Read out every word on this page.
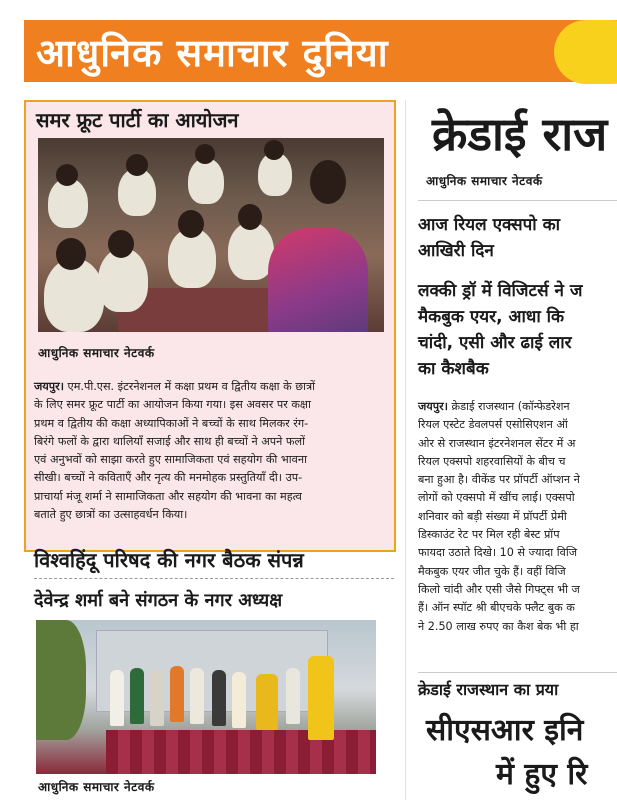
आधुनिक समाचार दुनिया
समर फ्रूट पार्टी का आयोजन
आधुनिक समाचार नेटवर्क
जयपुर। एम.पी.एस. इंटरनेशनल में कक्षा प्रथम व द्वितीय कक्षा के छात्रों
के लिए समर फ्रूट पार्टी का आयोजन किया गया। इस अवसर पर कक्षा
प्रथम व द्वितीय की कक्षा अध्यापिकाओं ने बच्चों के साथ मिलकर रंग-
बिरंगे फलों के द्वारा थालियाँ सजाई और साथ ही बच्चों ने अपने फलों
एवं अनुभवों को साझा करते हुए सामाजिकता एवं सहयोग की भावना
सीखी। बच्चों ने कविताएँ और नृत्य की मनमोहक प्रस्तुतियाँ दी। उप-
प्राचार्या मंजू शर्मा ने सामाजिकता और सहयोग की भावना का महत्व
बताते हुए छात्रों का उत्साहवर्धन किया।
विश्वहिंदू परिषद की नगर बैठक संपन्न
देवेन्द्र शर्मा बने संगठन के नगर अध्यक्ष
आधुनिक समाचार नेटवर्क
क्रेडाई राज
आधुनिक समाचार नेटवर्क
आज रियल एक्सपो का
आखिरी दिन
लक्की ड्रॉ में विजिटर्स ने ज
मैकबुक एयर, आधा कि
चांदी, एसी और ढाई लार
का कैशबैक
जयपुर। क्रेडाई राजस्थान (कॉन्फेडरेशन
रियल एस्टेट डेवलपर्स एसोसिएशन ऑ
ओर से राजस्थान इंटरनेशनल सेंटर में अ
रियल एक्सपो शहरवासियों के बीच च
बना हुआ है। वीकेंड पर प्रॉपर्टी ऑप्शन ने
लोगों को एक्सपो में खींच लाई। एक्सपो
शनिवार को बड़ी संख्या में प्रॉपर्टी प्रेमी
डिस्काउंट रेट पर मिल रही बेस्ट प्रॉप
फायदा उठाते दिखे। 10 से ज्यादा विजि
मैकबुक एयर जीत चुके हैं। वहीं विजि
किलो चांदी और एसी जैसे गिफ्ट्स भी ज
हैं। ऑन स्पॉट श्री बीएचके फ्लैट बुक क
ने 2.50 लाख रुपए का कैश बेक भी हा
क्रेडाई राजस्थान का प्रया
सीएसआर इनि
में हुए रि
